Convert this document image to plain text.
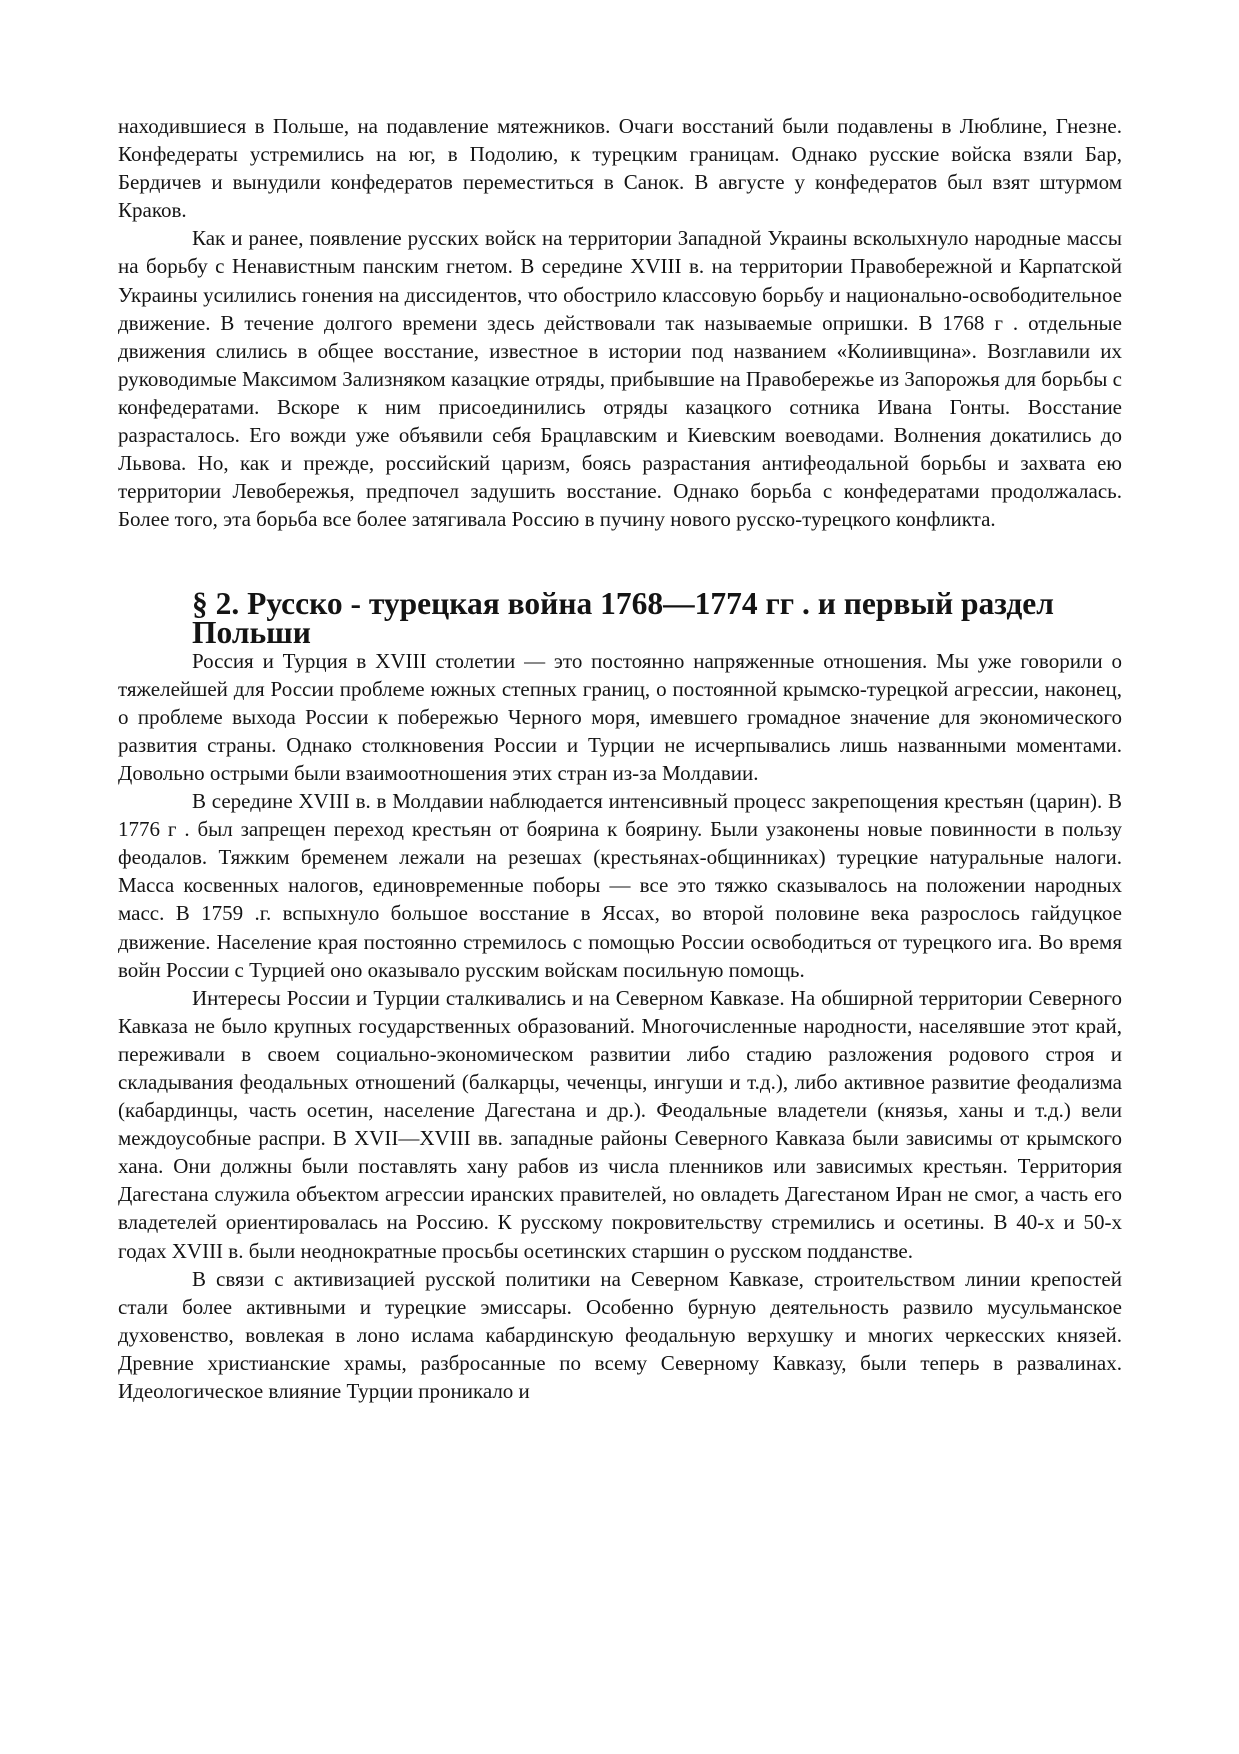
находившиеся в Польше, на подавление мятежников. Очаги восстаний были подавлены в Люблине, Гнезне. Конфедераты устремились на юг, в Подолию, к турецким границам. Однако русские войска взяли Бар, Бердичев и вынудили конфедератов переместиться в Санок. В августе у конфедератов был взят штурмом Краков.

Как и ранее, появление русских войск на территории Западной Украины всколыхнуло народные массы на борьбу с Ненавистным панским гнетом. В середине XVIII в. на территории Правобережной и Карпатской Украины усилились гонения на диссидентов, что обострило классовую борьбу и национально-освободительное движение. В течение долгого времени здесь действовали так называемые опришки. В 1768 г . отдельные движения слились в общее восстание, известное в истории под названием «Колиивщина». Возглавили их руководимые Максимом Зализняком казацкие отряды, прибывшие на Правобережье из Запорожья для борьбы с конфедератами. Вскоре к ним присоединились отряды казацкого сотника Ивана Гонты. Восстание разрасталось. Его вожди уже объявили себя Брацлавским и Киевским воеводами. Волнения докатились до Львова. Но, как и прежде, российский царизм, боясь разрастания антифеодальной борьбы и захвата ею территории Левобережья, предпочел задушить восстание. Однако борьба с конфедератами продолжалась. Более того, эта борьба все более затягивала Россию в пучину нового русско-турецкого конфликта.

§ 2. Русско - турецкая война 1768—1774 гг . и первый раздел Польши

Россия и Турция в XVIII столетии — это постоянно напряженные отношения. Мы уже говорили о тяжелейшей для России проблеме южных степных границ, о постоянной крымско-турецкой агрессии, наконец, о проблеме выхода России к побережью Черного моря, имевшего громадное значение для экономического развития страны. Однако столкновения России и Турции не исчерпывались лишь названными моментами. Довольно острыми были взаимоотношения этих стран из-за Молдавии.

В середине XVIII в. в Молдавии наблюдается интенсивный процесс закрепощения крестьян (царин). В 1776 г . был запрещен переход крестьян от боярина к боярину. Были узаконены новые повинности в пользу феодалов. Тяжким бременем лежали на резешах (крестьянах-общинниках) турецкие натуральные налоги. Масса косвенных налогов, единовременные поборы — все это тяжко сказывалось на положении народных масс. В 1759 .г. вспыхнуло большое восстание в Яссах, во второй половине века разрослось гайдуцкое движение. Население края постоянно стремилось с помощью России освободиться от турецкого ига. Во время войн России с Турцией оно оказывало русским войскам посильную помощь.

Интересы России и Турции сталкивались и на Северном Кавказе. На обширной территории Северного Кавказа не было крупных государственных образований. Многочисленные народности, населявшие этот край, переживали в своем социально-экономическом развитии либо стадию разложения родового строя и складывания феодальных отношений (балкарцы, чеченцы, ингуши и т.д.), либо активное развитие феодализма (кабардинцы, часть осетин, население Дагестана и др.). Феодальные владетели (князья, ханы и т.д.) вели междоусобные распри. В XVII—XVIII вв. западные районы Северного Кавказа были зависимы от крымского хана. Они должны были поставлять хану рабов из числа пленников или зависимых крестьян. Территория Дагестана служила объектом агрессии иранских правителей, но овладеть Дагестаном Иран не смог, а часть его владетелей ориентировалась на Россию. К русскому покровительству стремились и осетины. В 40-х и 50-х годах XVIII в. были неоднократные просьбы осетинских старшин о русском подданстве.

В связи с активизацией русской политики на Северном Кавказе, строительством линии крепостей стали более активными и турецкие эмиссары. Особенно бурную деятельность развило мусульманское духовенство, вовлекая в лоно ислама кабардинскую феодальную верхушку и многих черкесских князей. Древние христианские храмы, разбросанные по всему Северному Кавказу, были теперь в развалинах. Идеологическое влияние Турции проникало и
